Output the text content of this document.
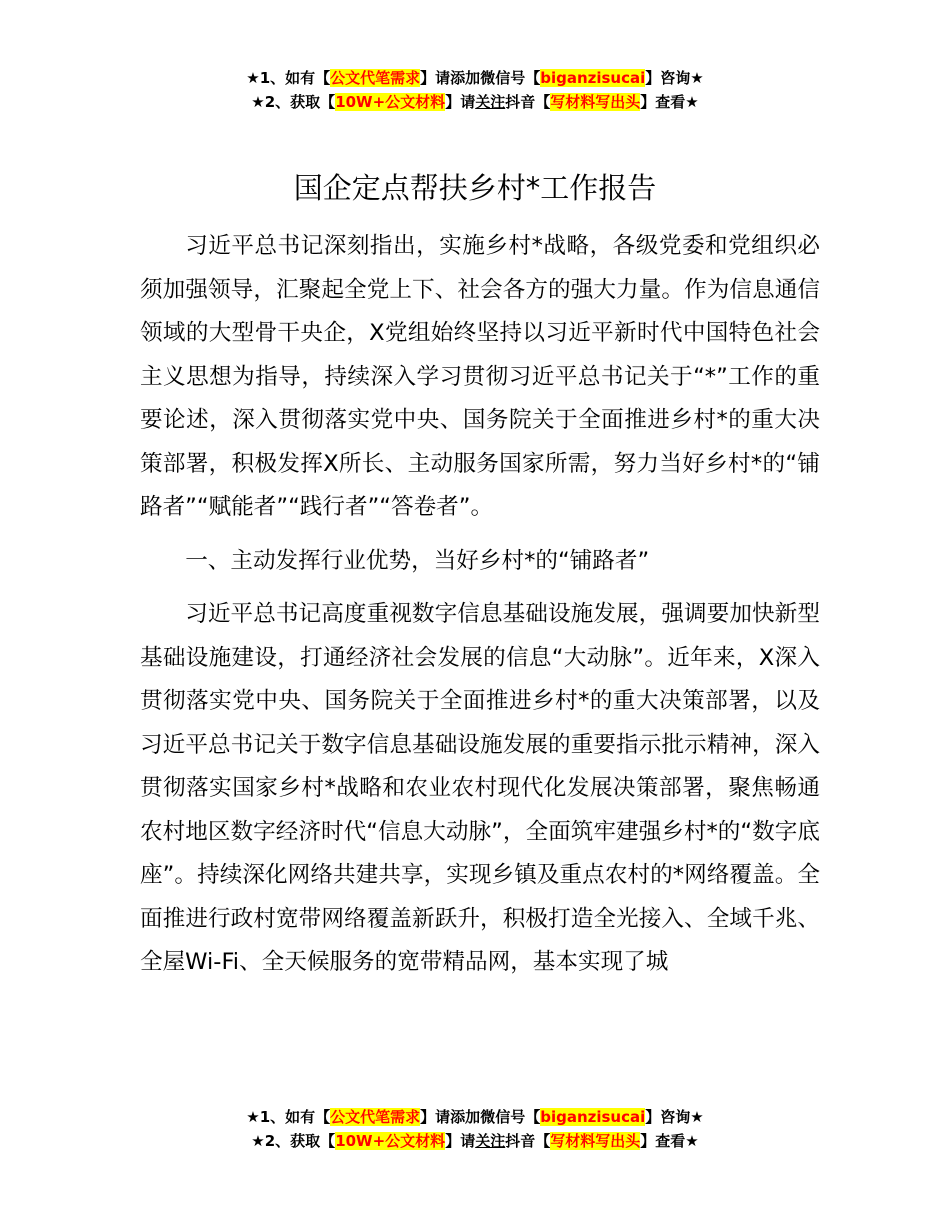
★1、如有【公文代笔需求】请添加微信号【biganzisucai】咨询★
★2、获取【10W+公文材料】请关注抖音【写材料写出头】查看★
国企定点帮扶乡村*工作报告

习近平总书记深刻指出，实施乡村*战略，各级党委和党组织必须加强领导，汇聚起全党上下、社会各方的强大力量。作为信息通信领域的大型骨干央企，X党组始终坚持以习近平新时代中国特色社会主义思想为指导，持续深入学习贯彻习近平总书记关于“*”工作的重要论述，深入贯彻落实党中央、国务院关于全面推进乡村*的重大决策部署，积极发挥X所长、主动服务国家所需，努力当好乡村*的“铺路者”“赋能者”“践行者”“答卷者”。

一、主动发挥行业优势，当好乡村*的“铺路者”

习近平总书记高度重视数字信息基础设施发展，强调要加快新型基础设施建设，打通经济社会发展的信息“大动脉”。近年来，X深入贯彻落实党中央、国务院关于全面推进乡村*的重大决策部署，以及习近平总书记关于数字信息基础设施发展的重要指示批示精神，深入贯彻落实国家乡村*战略和农业农村现代化发展决策部署，聚焦畅通农村地区数字经济时代“信息大动脉”，全面筑牢建强乡村*的“数字底座”。持续深化网络共建共享，实现乡镇及重点农村的*网络覆盖。全面推进行政村宽带网络覆盖新跃升，积极打造全光接入、全域千兆、全屋Wi-Fi、全天候服务的宽带精品网，基本实现了城

★1、如有【公文代笔需求】请添加微信号【biganzisucai】咨询★
★2、获取【10W+公文材料】请关注抖音【写材料写出头】查看★
